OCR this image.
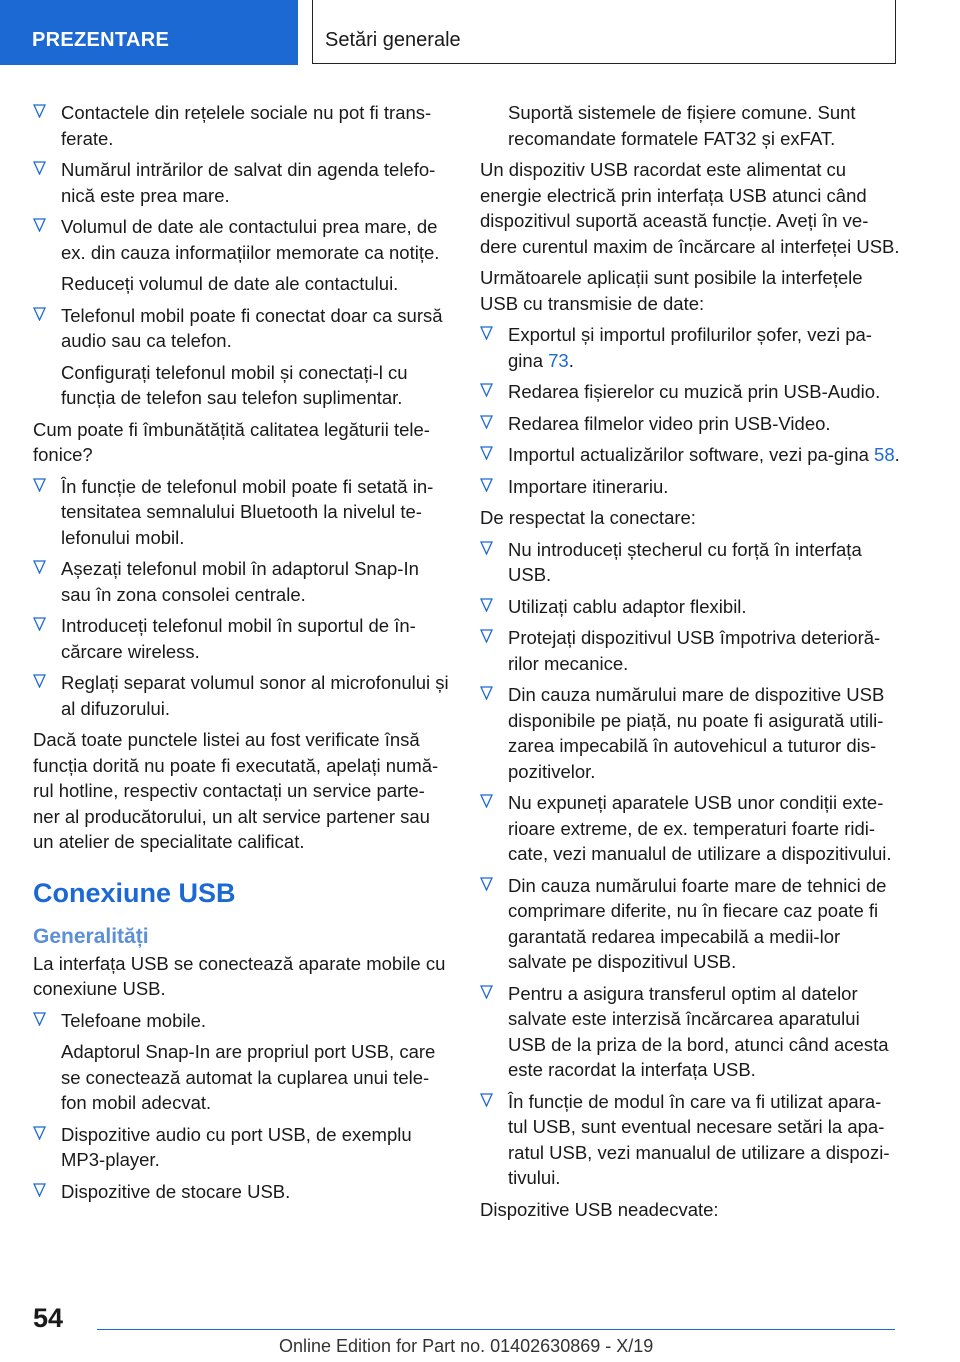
PREZENTARE	Setări generale
Contactele din rețelele sociale nu pot fi trans‐ferate.
Numărul intrărilor de salvat din agenda telefo‐nică este prea mare.
Volumul de date ale contactului prea mare, de ex. din cauza informațiilor memorate ca notițe.
Reduceți volumul de date ale contactului.
Telefonul mobil poate fi conectat doar ca sursă audio sau ca telefon.
Configurați telefonul mobil și conectați-l cu funcția de telefon sau telefon suplimentar.

Cum poate fi îmbunătățită calitatea legăturii tele‐fonice?

În funcție de telefonul mobil poate fi setată in‐tensitatea semnalului Bluetooth la nivelul te‐lefonului mobil.
Așezați telefonul mobil în adaptorul Snap-In sau în zona consolei centrale.
Introduceți telefonul mobil în suportul de în‐cărcare wireless.
Reglați separat volumul sonor al microfonului și al difuzorului.

Dacă toate punctele listei au fost verificate însă funcția dorită nu poate fi executată, apelați numă‐rul hotline, respectiv contactați un service parte‐ner al producătorului, un alt service partener sau un atelier de specialitate calificat.

Conexiune USB
Generalități

La interfața USB se conectează aparate mobile cu conexiune USB.

Telefoane mobile.
Adaptorul Snap-In are propriul port USB, care se conectează automat la cuplarea unui tele‐fon mobil adecvat.
Dispozitive audio cu port USB, de exemplu MP3-player.
Dispozitive de stocare USB.
Suportă sistemele de fișiere comune. Sunt recomandate formatele FAT32 și exFAT.

Un dispozitiv USB racordat este alimentat cu energie electrică prin interfața USB atunci când dispozitivul suportă această funcție. Aveți în ve‐dere curentul maxim de încărcare al interfeței USB.

Următoarele aplicații sunt posibile la interfețele USB cu transmisie de date:

Exportul și importul profilurilor șofer, vezi pa‐gina 73.
Redarea fișierelor cu muzică prin USB-Audio.
Redarea filmelor video prin USB-Video.
Importul actualizărilor software, vezi pa‐gina 58.
Importare itinerariu.

De respectat la conectare:

Nu introduceți ștecherul cu forță în interfața USB.
Utilizați cablu adaptor flexibil.
Protejați dispozitivul USB împotriva deterioră‐rilor mecanice.
Din cauza numărului mare de dispozitive USB disponibile pe piață, nu poate fi asigurată utili‐zarea impecabilă în autovehicul a tuturor dis‐pozitivelor.
Nu expuneți aparatele USB unor condiții exte‐rioare extreme, de ex. temperaturi foarte ridi‐cate, vezi manualul de utilizare a dispozitivului.
Din cauza numărului foarte mare de tehnici de comprimare diferite, nu în fiecare caz poate fi garantată redarea impecabilă a medii‐lor salvate pe dispozitivul USB.
Pentru a asigura transferul optim al datelor salvate este interzisă încărcarea aparatului USB de la priza de la bord, atunci când acesta este racordat la interfața USB.
În funcție de modul în care va fi utilizat apara‐tul USB, sunt eventual necesare setări la apa‐ratul USB, vezi manualul de utilizare a dispozi‐tivului.

Dispozitive USB neadecvate:

54
Online Edition for Part no. 01402630869 - X/19
